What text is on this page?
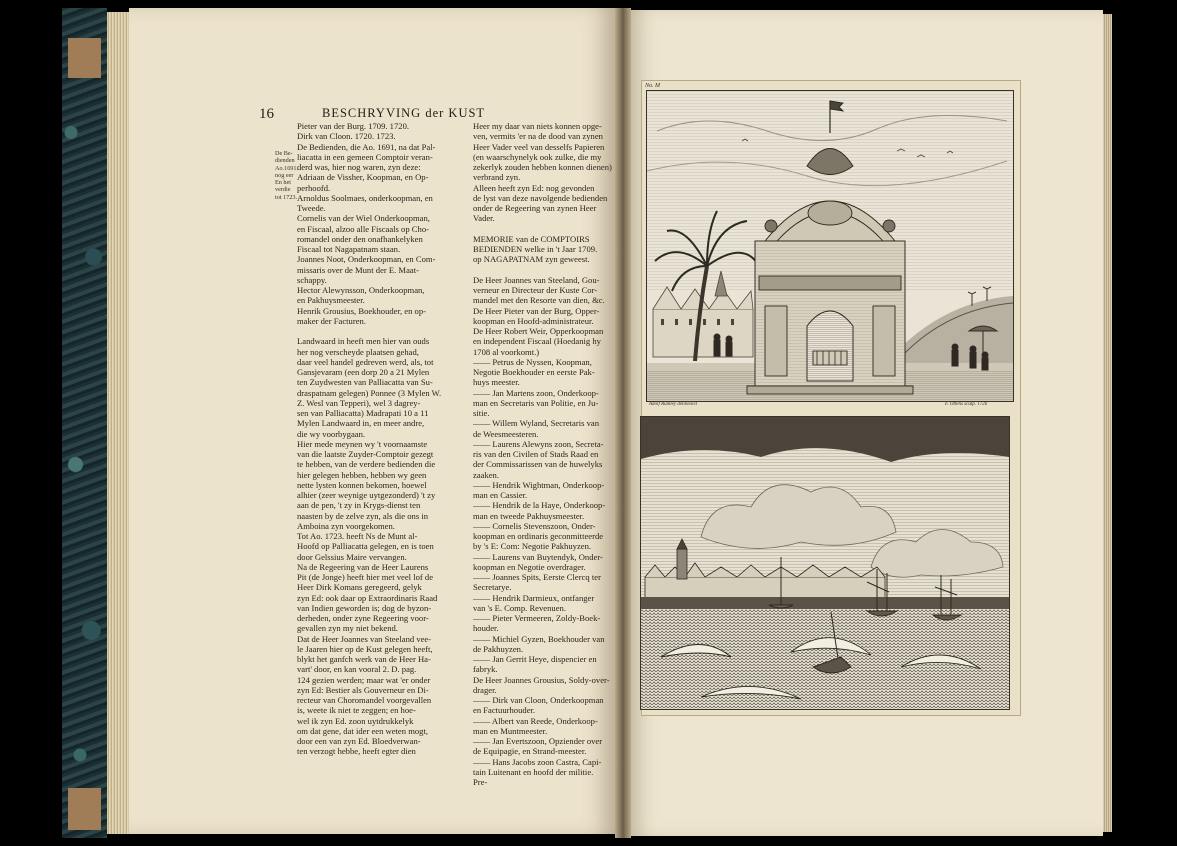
16	BESCHRYVING der KUST
De Be-
dienden
Ao.1691.
nog eer
En het
verdie
tot 1723.
Pieter van der Burg. 1709. 1720.
Dirk van Cloon. 1720. 1723.
De Bedienden, die Ao. 1691, na dat Pal-
liacatta in een gemeen Comptoir veran-
derd was, hier nog waren, zyn deze:
Adriaan de Vissher, Koopman, en Op-
perhoofd.
Arnoldus Soolmaes, onderkoopman, en
Tweede.
Cornelis van der Wiel Onderkoopman,
en Fiscaal, alzoo alle Fiscaals op Cho-
romandel onder den onafhankelyken
Fiscaal tot Nagapatnam staan.
Joannes Noot, Onderkoopman, en Com-
missaris over de Munt der E. Maat-
schappy.
Hector Alewynsson, Onderkoopman,
en Pakhuysmeester.
Henrik Grousius, Boekhouder, en op-
maker der Facturen.

Landwaard in heeft men hier van ouds
her nog verscheyde plaatsen gehad,
daar veel handel gedreven werd, als, tot
Gansjevaram (een dorp 20 a 21 Mylen
ten Zuydwesten van Palliacatta van Su-
draspatnam gelegen) Ponnee (3 Mylen W.
Z. Wesl van Tepperi), wel 3 dagrey-
sen van Palliacatta) Madrapati 10 a 11
Mylen Landwaard in, en meer andre,
die wy voorbygaan.
Hier mede meynen wy 't voornaamste
van die laatste Zuyder-Comptoir gezegt
te hebben, van de verdere bedienden die
hier gelegen hebben, hebben wy geen
nette lysten konnen bekomen, hoewel
alhier (zeer weynige uytgezonderd) 't zy
aan de pen, 't zy in Krygs-dienst ten
naasten by de zelve zyn, als die ons in
Amboina zyn voorgekomen.
Tot Ao. 1723. heeft Ns de Munt al-
Hoofd op Palliacatta gelegen, en is toen
door Gelssius Maire vervangen.
Na de Regeering van de Heer Laurens
Pit (de Jonge) heeft hier met veel lof de
Heer Dirk Komans geregeerd, gelyk
zyn Ed: ook daar op Extraordinaris Raad
van Indien geworden is; dog de byzon-
derheden, onder zyne Regeering voor-
gevallen zyn my niet bekend.
Dat de Heer Joannes van Steeland vee-
le Jaaren hier op de Kust gelegen heeft,
blykt het ganfch werk van de Heer Ha-
vart' door, en kan vooral 2. D. pag.
124 gezien werden; maar wat 'er onder
zyn Ed: Bestier als Gouverneur en Di-
recteur van Choromandel voorgevallen
is, weete ik niet te zeggen; en hoe-
wel ik zyn Ed. zoon uytdrukkelyk
om dat gene, dat ider een weten mogt,
door een van zyn Ed. Bloedverwan-
ten verzogt hebbe, heeft egter dien
Heer my daar van niets konnen opge-
ven, vermits 'er na de dood van zynen
Heer Vader veel van desselfs Papieren
(en waarschynelyk ook zulke, die my
zekerlyk zouden hebben konnen dienen)
verbrand zyn.
Alleen heeft zyn Ed: nog gevonden
de lyst van deze navolgende bedienden
onder de Regeering van zynen Heer
Vader.

MEMORIE van de COMPTOIRS
BEDIENDEN welke in 't Jaar 1709.
op NAGAPATNAM zyn geweest.

De Heer Joannes van Steeland, Gou-
verneur en Directeur der Kuste Cor-
mandel met den Resorte van dien, &c.
De Heer Pieter van der Burg, Opper-
koopman en Hoofd-administrateur.
De Heer Robert Weir, Opperkoopman
en independent Fiscaal (Hoedanig hy
1708 al voorkomt.)
—— Petrus de Nyssen, Koopman,
Negotie Boekhouder en eerste Pak-
huys meester.
—— Jan Martens zoon, Onderkoop-
man en Secretaris van Politie, en Ju-
sitie.
—— Willem Wyland, Secretaris van
de Weesmeesteren.
—— Laurens Alewyns zoon, Secreta-
ris van den Civilen of Stads Raad en
der Commissarissen van de huwelyks
zaaken.
—— Hendrik Wightman, Onderkoop-
man en Cassier.
—— Hendrik de la Haye, Onderkoop-
man en tweede Pakhuysmeester.
—— Cornelis Stevenszoon, Onder-
koopman en ordinaris geconmitteerde
by 's E: Com: Negotie Pakhuyzen.
—— Laurens van Buytendyk, Onder-
koopman en Negotie overdrager.
—— Joannes Spits, Eerste Clercq ter
Secretarye.
—— Hendrik Darmieux, ontfanger
van 's E. Comp. Revenuen.
—— Pieter Vermeeren, Zoldy-Boek-
houder.
—— Michiel Gyzen, Boekhouder van
de Pakhuyzen.
—— Jan Gerrit Heye, dispencier en
fabryk.
De Heer Joannes Grousius, Soldy-over-
drager.
—— Dirk van Cloon, Onderkoopman
en Factuurhouder.
—— Albert van Reede, Onderkoop-
man en Muntmeester.
—— Jan Evertszoon, Opziender over
de Equipagie, en Strand-meester.
—— Hans Jacobs zoon Castra, Capi-
tain Luitenant en hoofd der militie.
Pre-
No. M
Adolf Rumley delineavit	F. Ottens sculp. 1726
